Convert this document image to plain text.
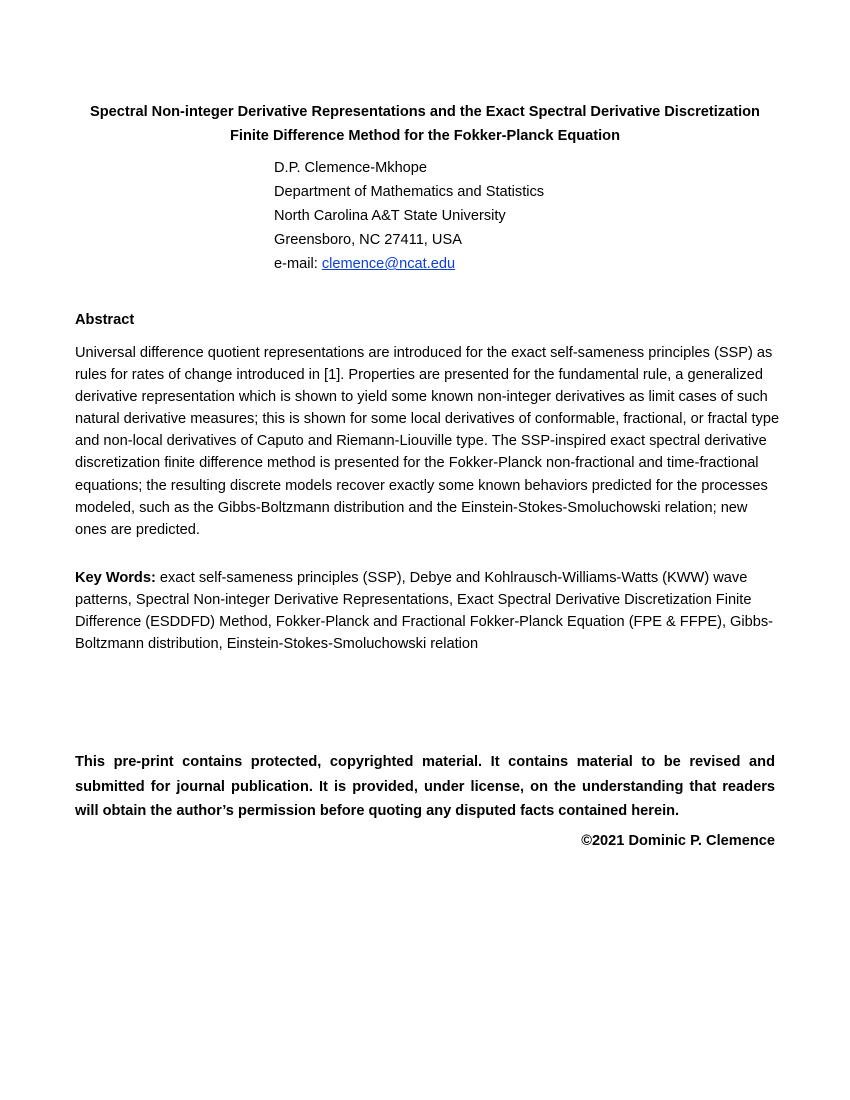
Spectral Non-integer Derivative Representations and the Exact Spectral Derivative Discretization
Finite Difference Method for the Fokker-Planck Equation
D.P. Clemence-Mkhope
Department of Mathematics and Statistics
North Carolina A&T State University
Greensboro, NC 27411, USA
e-mail: clemence@ncat.edu
Abstract
Universal difference quotient representations are introduced for the exact self-sameness principles (SSP) as rules for rates of change introduced in [1]. Properties are presented for the fundamental rule, a generalized derivative representation which is shown to yield some known non-integer derivatives as limit cases of such natural derivative measures; this is shown for some local derivatives of conformable, fractional, or fractal type and non-local derivatives of Caputo and Riemann-Liouville type. The SSP-inspired exact spectral derivative discretization finite difference method is presented for the Fokker-Planck non-fractional and time-fractional equations; the resulting discrete models recover exactly some known behaviors predicted for the processes modeled, such as the Gibbs-Boltzmann distribution and the Einstein-Stokes-Smoluchowski relation; new ones are predicted.
Key Words: exact self-sameness principles (SSP), Debye and Kohlrausch-Williams-Watts (KWW) wave patterns, Spectral Non-integer Derivative Representations, Exact Spectral Derivative Discretization Finite Difference (ESDDFD) Method, Fokker-Planck and Fractional Fokker-Planck Equation (FPE & FFPE), Gibbs-Boltzmann distribution, Einstein-Stokes-Smoluchowski relation
This pre-print contains protected, copyrighted material. It contains material to be revised and submitted for journal publication. It is provided, under license, on the understanding that readers will obtain the author’s permission before quoting any disputed facts contained herein.
©2021 Dominic P. Clemence
